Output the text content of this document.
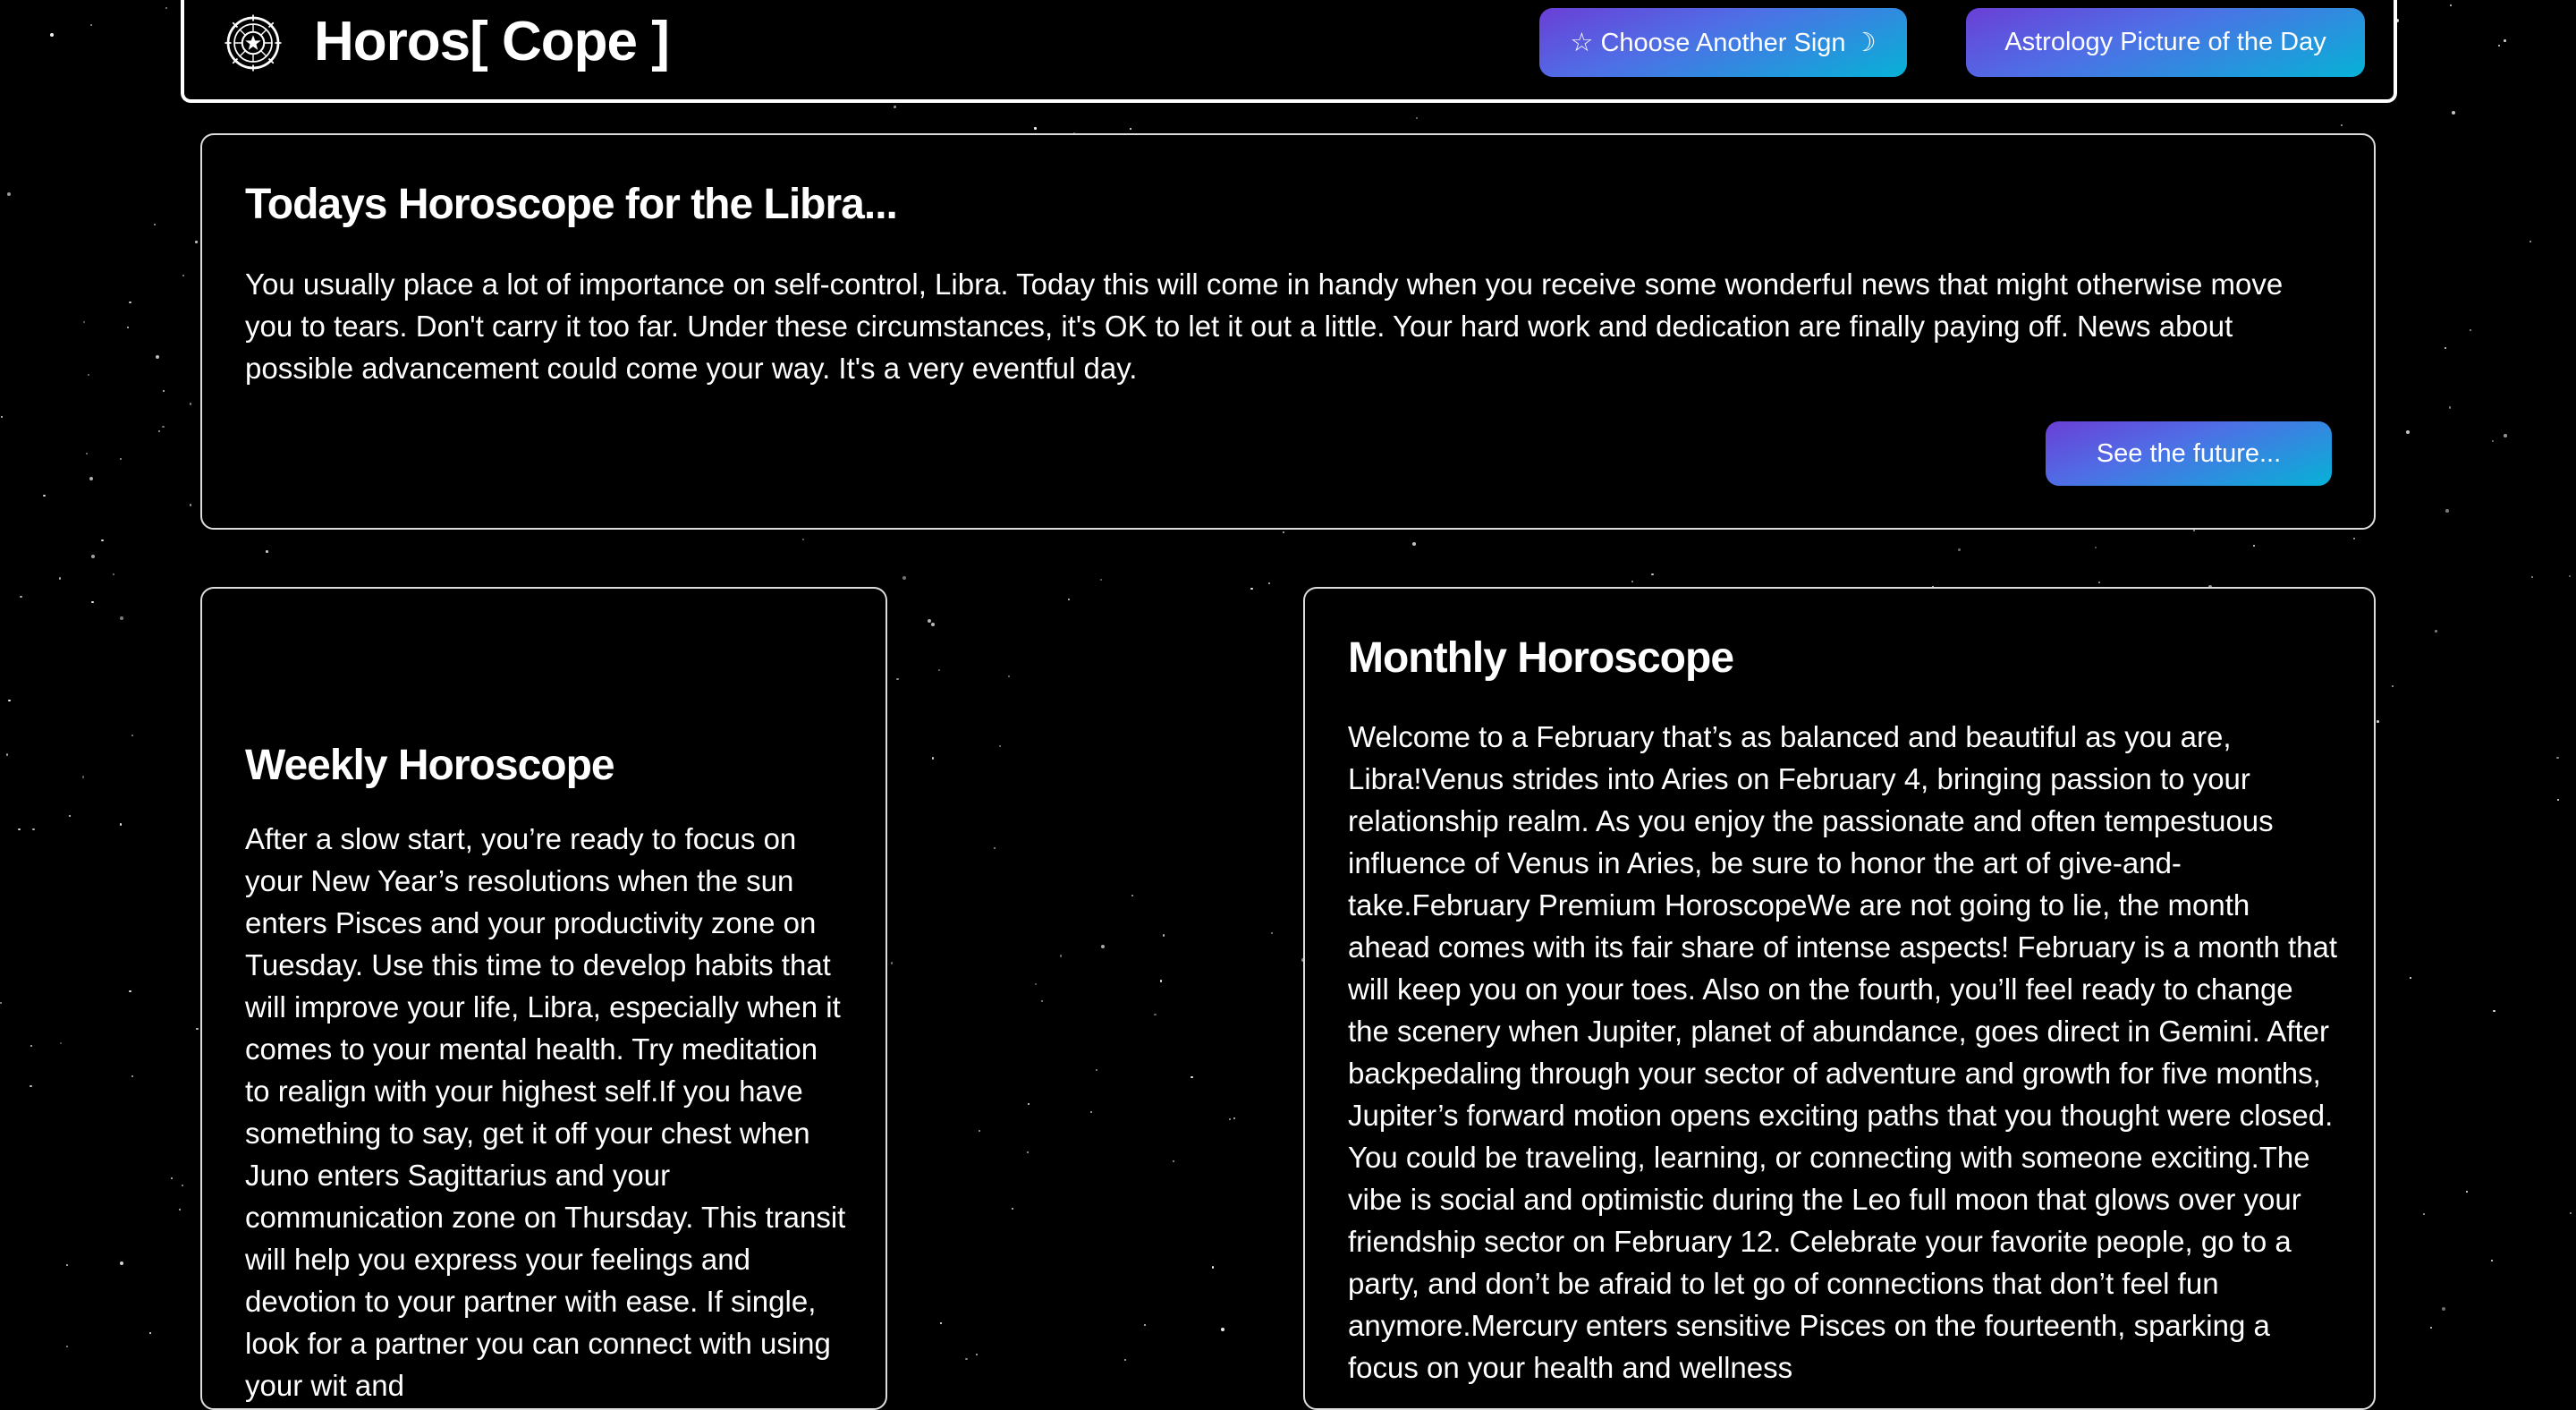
Horos[ Cope ]	☆ Choose Another Sign ☽	Astrology Picture of the Day
Todays Horoscope for the Libra...

You usually place a lot of importance on self-control, Libra. Today this will come in handy when you receive some wonderful news that might otherwise move you to tears. Don't carry it too far. Under these circumstances, it's OK to let it out a little. Your hard work and dedication are finally paying off. News about possible advancement could come your way. It's a very eventful day.

See the future...
Weekly Horoscope

After a slow start, you’re ready to focus on your New Year’s resolutions when the sun enters Pisces and your productivity zone on Tuesday. Use this time to develop habits that will improve your life, Libra, especially when it comes to your mental health. Try meditation to realign with your highest self.If you have something to say, get it off your chest when Juno enters Sagittarius and your communication zone on Thursday. This transit will help you express your feelings and devotion to your partner with ease. If single, look for a partner you can connect with using your wit and

Monthly Horoscope

Welcome to a February that’s as balanced and beautiful as you are, Libra!Venus strides into Aries on February 4, bringing passion to your relationship realm. As you enjoy the passionate and often tempestuous influence of Venus in Aries, be sure to honor the art of give-and-take.February Premium HoroscopeWe are not going to lie, the month ahead comes with its fair share of intense aspects! February is a month that will keep you on your toes. Also on the fourth, you’ll feel ready to change the scenery when Jupiter, planet of abundance, goes direct in Gemini. After backpedaling through your sector of adventure and growth for five months, Jupiter’s forward motion opens exciting paths that you thought were closed. You could be traveling, learning, or connecting with someone exciting.The vibe is social and optimistic during the Leo full moon that glows over your friendship sector on February 12. Celebrate your favorite people, go to a party, and don’t be afraid to let go of connections that don’t feel fun anymore.Mercury enters sensitive Pisces on the fourteenth, sparking a focus on your health and wellness
